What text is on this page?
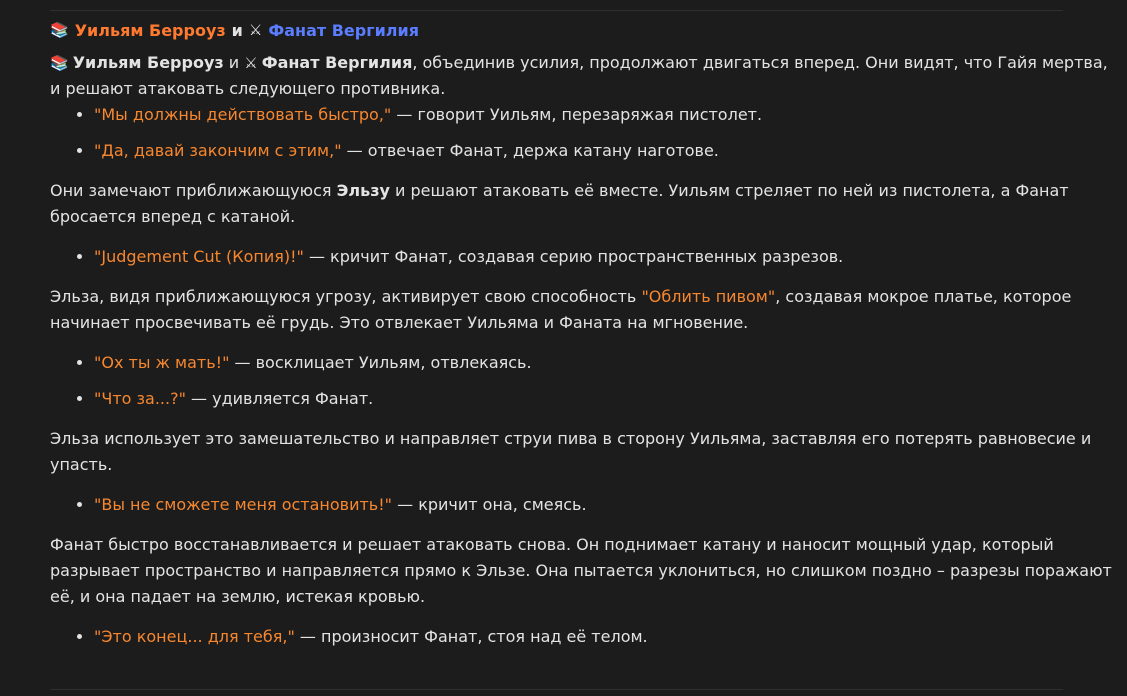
📚 Уильям Берроуз и ⚔ Фанат Вергилия

📚 Уильям Берроуз и ⚔ Фанат Вергилия, объединив усилия, продолжают двигаться вперед. Они видят, что Гайя мертва, и решают атаковать следующего противника.

• "Мы должны действовать быстро," — говорит Уильям, перезаряжая пистолет.
• "Да, давай закончим с этим," — отвечает Фанат, держа катану наготове.

Они замечают приближающуюся Эльзу и решают атаковать её вместе. Уильям стреляет по ней из пистолета, а Фанат бросается вперед с катаной.

• "Judgement Cut (Копия)!" — кричит Фанат, создавая серию пространственных разрезов.

Эльза, видя приближающуюся угрозу, активирует свою способность "Облить пивом", создавая мокрое платье, которое начинает просвечивать её грудь. Это отвлекает Уильяма и Фаната на мгновение.

• "Ох ты ж мать!" — восклицает Уильям, отвлекаясь.
• "Что за...?" — удивляется Фанат.

Эльза использует это замешательство и направляет струи пива в сторону Уильяма, заставляя его потерять равновесие и упасть.

• "Вы не сможете меня остановить!" — кричит она, смеясь.

Фанат быстро восстанавливается и решает атаковать снова. Он поднимает катану и наносит мощный удар, который разрывает пространство и направляется прямо к Эльзе. Она пытается уклониться, но слишком поздно – разрезы поражают её, и она падает на землю, истекая кровью.

• "Это конец... для тебя," — произносит Фанат, стоя над её телом.
